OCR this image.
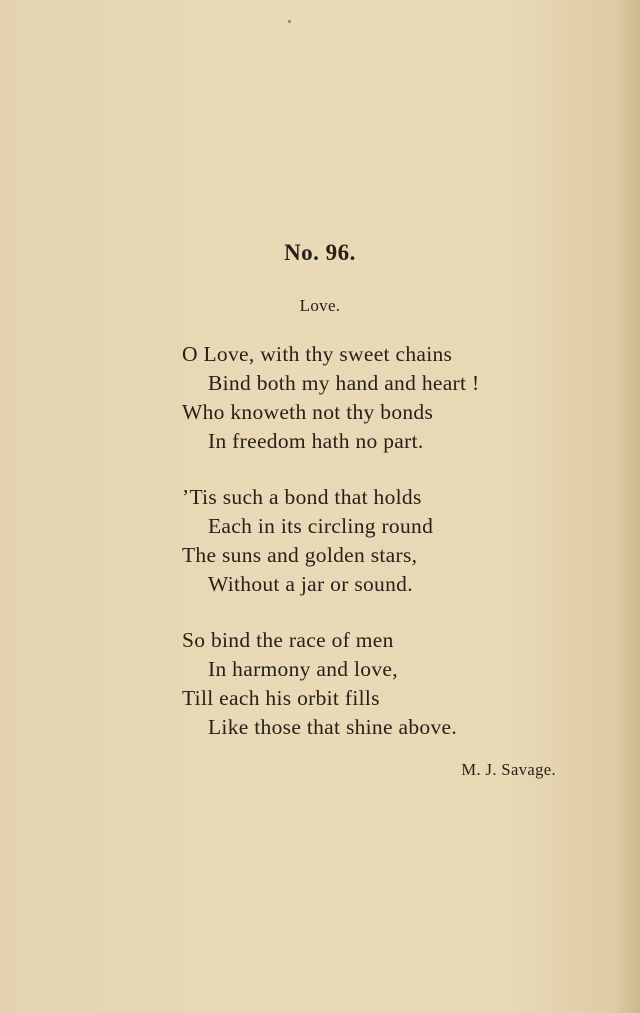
No. 96.
Love.
O Love, with thy sweet chains
Bind both my hand and heart !
Who knoweth not thy bonds
In freedom hath no part.
’Tis such a bond that holds
Each in its circling round
The suns and golden stars,
Without a jar or sound.
So bind the race of men
In harmony and love,
Till each his orbit fills
Like those that shine above.
M. J. Savage.
